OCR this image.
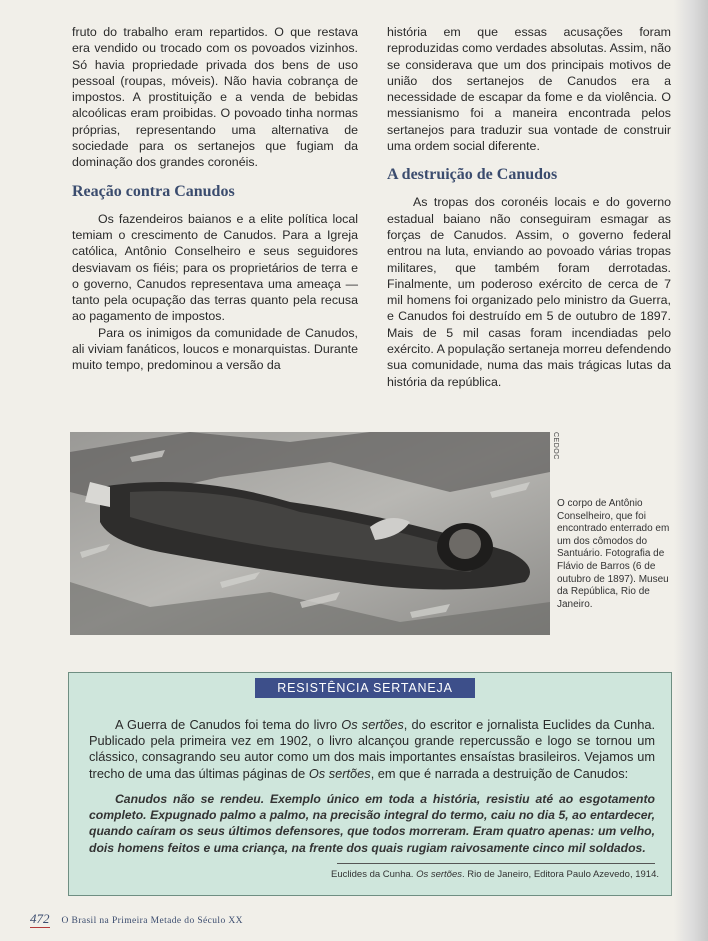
fruto do trabalho eram repartidos. O que restava era vendido ou trocado com os povoados vizinhos. Só havia propriedade privada dos bens de uso pessoal (roupas, móveis). Não havia cobrança de impostos. A prostituição e a venda de bebidas alcoólicas eram proibidas. O povoado tinha normas próprias, representando uma alternativa de sociedade para os sertanejos que fugiam da dominação dos grandes coronéis.

Reação contra Canudos

Os fazendeiros baianos e a elite política local temiam o crescimento de Canudos. Para a Igreja católica, Antônio Conselheiro e seus seguidores desviavam os fiéis; para os proprietários de terra e o governo, Canudos representava uma ameaça — tanto pela ocupação das terras quanto pela recusa ao pagamento de impostos.

Para os inimigos da comunidade de Canudos, ali viviam fanáticos, loucos e monarquistas. Durante muito tempo, predominou a versão da

história em que essas acusações foram reproduzidas como verdades absolutas. Assim, não se considerava que um dos principais motivos de união dos sertanejos de Canudos era a necessidade de escapar da fome e da violência. O messianismo foi a maneira encontrada pelos sertanejos para traduzir sua vontade de construir uma ordem social diferente.

A destruição de Canudos

As tropas dos coronéis locais e do governo estadual baiano não conseguiram esmagar as forças de Canudos. Assim, o governo federal entrou na luta, enviando ao povoado várias tropas militares, que também foram derrotadas. Finalmente, um poderoso exército de cerca de 7 mil homens foi organizado pelo ministro da Guerra, e Canudos foi destruído em 5 de outubro de 1897. Mais de 5 mil casas foram incendiadas pelo exército. A população sertaneja morreu defendendo sua comunidade, numa das mais trágicas lutas da história da república.

CEDOC
O corpo de Antônio Conselheiro, que foi encontrado enterrado em um dos cômodos do Santuário. Fotografia de Flávio de Barros (6 de outubro de 1897). Museu da República, Rio de Janeiro.
RESISTÊNCIA SERTANEJA

A Guerra de Canudos foi tema do livro Os sertões, do escritor e jornalista Euclides da Cunha. Publicado pela primeira vez em 1902, o livro alcançou grande repercussão e logo se tornou um clássico, consagrando seu autor como um dos mais importantes ensaístas brasileiros. Vejamos um trecho de uma das últimas páginas de Os sertões, em que é narrada a destruição de Canudos:

Canudos não se rendeu. Exemplo único em toda a história, resistiu até ao esgotamento completo. Expugnado palmo a palmo, na precisão integral do termo, caiu no dia 5, ao entardecer, quando caíram os seus últimos defensores, que todos morreram. Eram quatro apenas: um velho, dois homens feitos e uma criança, na frente dos quais rugiam raivosamente cinco mil soldados.

Euclides da Cunha. Os sertões. Rio de Janeiro, Editora Paulo Azevedo, 1914.
472 O Brasil na Primeira Metade do Século XX
